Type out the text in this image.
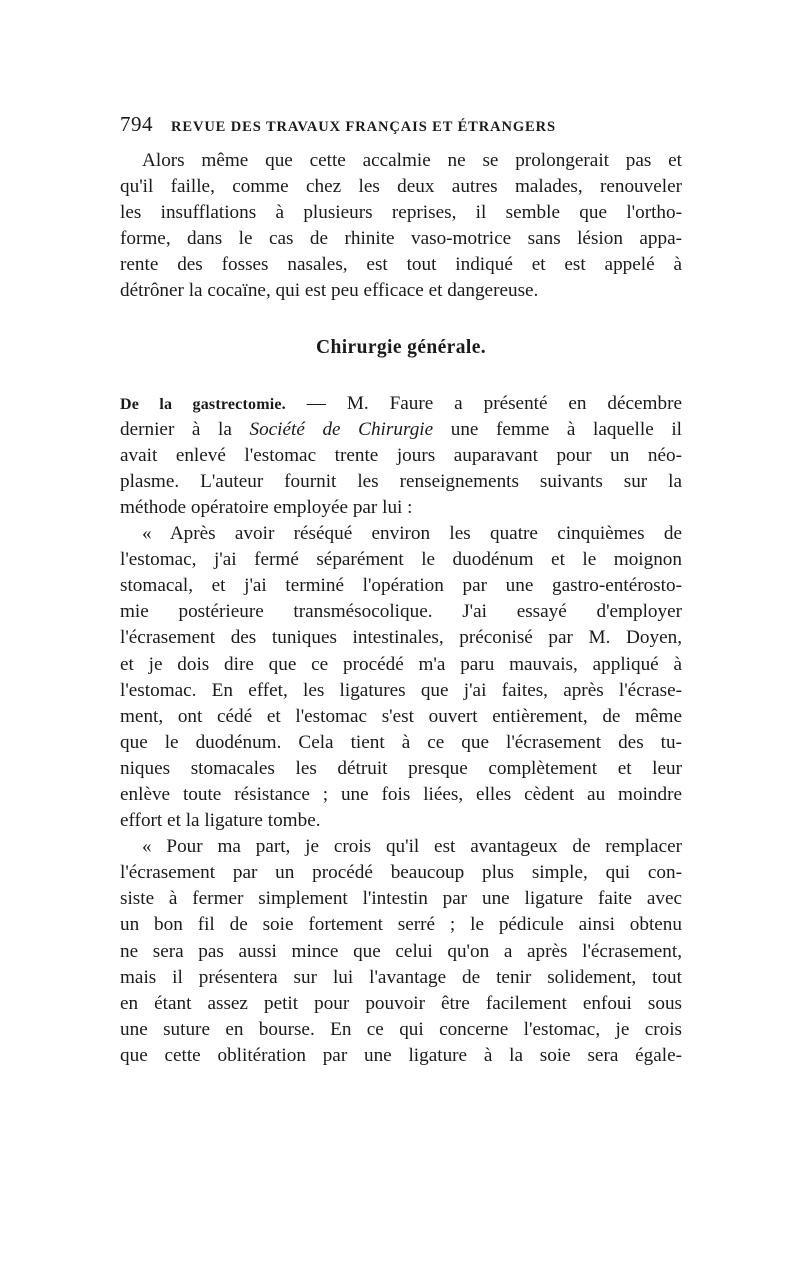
794 REVUE DES TRAVAUX FRANÇAIS ET ÉTRANGERS
Alors même que cette accalmie ne se prolongerait pas et
qu'il faille, comme chez les deux autres malades, renouveler
les insufflations à plusieurs reprises, il semble que l'ortho-
forme, dans le cas de rhinite vaso-motrice sans lésion appa-
rente des fosses nasales, est tout indiqué et est appelé à
détrôner la cocaïne, qui est peu efficace et dangereuse.
Chirurgie générale.
De la gastrectomie. — M. Faure a présenté en décembre
dernier à la Société de Chirurgie une femme à laquelle il
avait enlevé l'estomac trente jours auparavant pour un néo-
plasme. L'auteur fournit les renseignements suivants sur la
méthode opératoire employée par lui :
« Après avoir réséqué environ les quatre cinquièmes de
l'estomac, j'ai fermé séparément le duodénum et le moignon
stomacal, et j'ai terminé l'opération par une gastro-entérosto-
mie postérieure transmésocolique. J'ai essayé d'employer
l'écrasement des tuniques intestinales, préconisé par M. Doyen,
et je dois dire que ce procédé m'a paru mauvais, appliqué à
l'estomac. En effet, les ligatures que j'ai faites, après l'écrase-
ment, ont cédé et l'estomac s'est ouvert entièrement, de même
que le duodénum. Cela tient à ce que l'écrasement des tu-
niques stomacales les détruit presque complètement et leur
enlève toute résistance ; une fois liées, elles cèdent au moindre
effort et la ligature tombe.
« Pour ma part, je crois qu'il est avantageux de remplacer
l'écrasement par un procédé beaucoup plus simple, qui con-
siste à fermer simplement l'intestin par une ligature faite avec
un bon fil de soie fortement serré ; le pédicule ainsi obtenu
ne sera pas aussi mince que celui qu'on a après l'écrasement,
mais il présentera sur lui l'avantage de tenir solidement, tout
en étant assez petit pour pouvoir être facilement enfoui sous
une suture en bourse. En ce qui concerne l'estomac, je crois
que cette oblitération par une ligature à la soie sera égale-
